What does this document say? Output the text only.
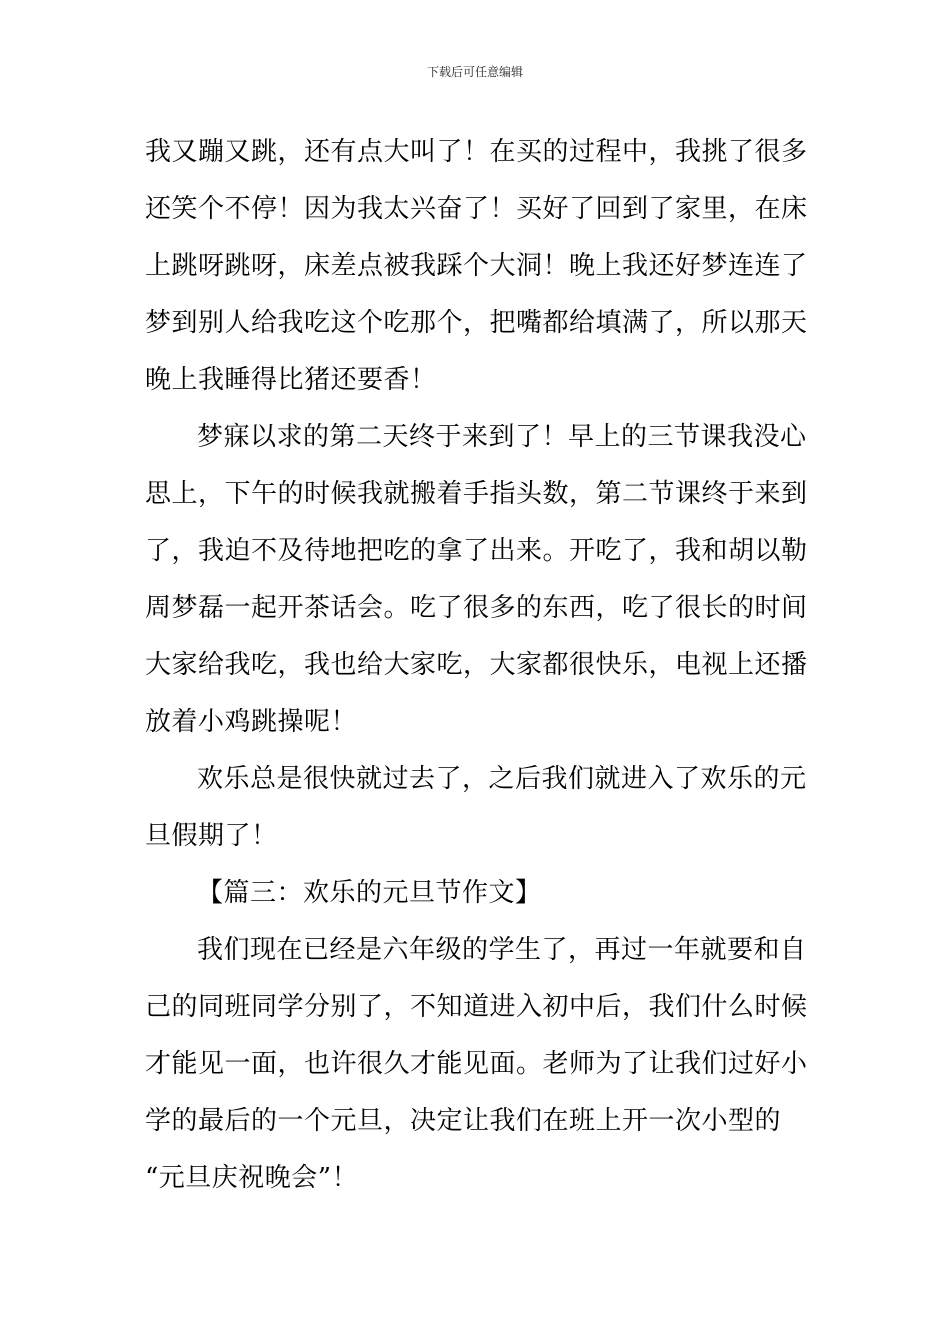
下载后可任意编辑
我又蹦又跳，还有点大叫了！在买的过程中，我挑了很多
还笑个不停！因为我太兴奋了！买好了回到了家里，在床
上跳呀跳呀，床差点被我踩个大洞！晚上我还好梦连连了
梦到别人给我吃这个吃那个，把嘴都给填满了，所以那天
晚上我睡得比猪还要香！
梦寐以求的第二天终于来到了！早上的三节课我没心
思上，下午的时候我就搬着手指头数，第二节课终于来到
了，我迫不及待地把吃的拿了出来。开吃了，我和胡以勒
周梦磊一起开茶话会。吃了很多的东西，吃了很长的时间
大家给我吃，我也给大家吃，大家都很快乐，电视上还播
放着小鸡跳操呢！
欢乐总是很快就过去了，之后我们就进入了欢乐的元
旦假期了！
【篇三：欢乐的元旦节作文】
我们现在已经是六年级的学生了，再过一年就要和自
己的同班同学分别了，不知道进入初中后，我们什么时候
才能见一面，也许很久才能见面。老师为了让我们过好小
学的最后的一个元旦，决定让我们在班上开一次小型的
“元旦庆祝晚会”！
